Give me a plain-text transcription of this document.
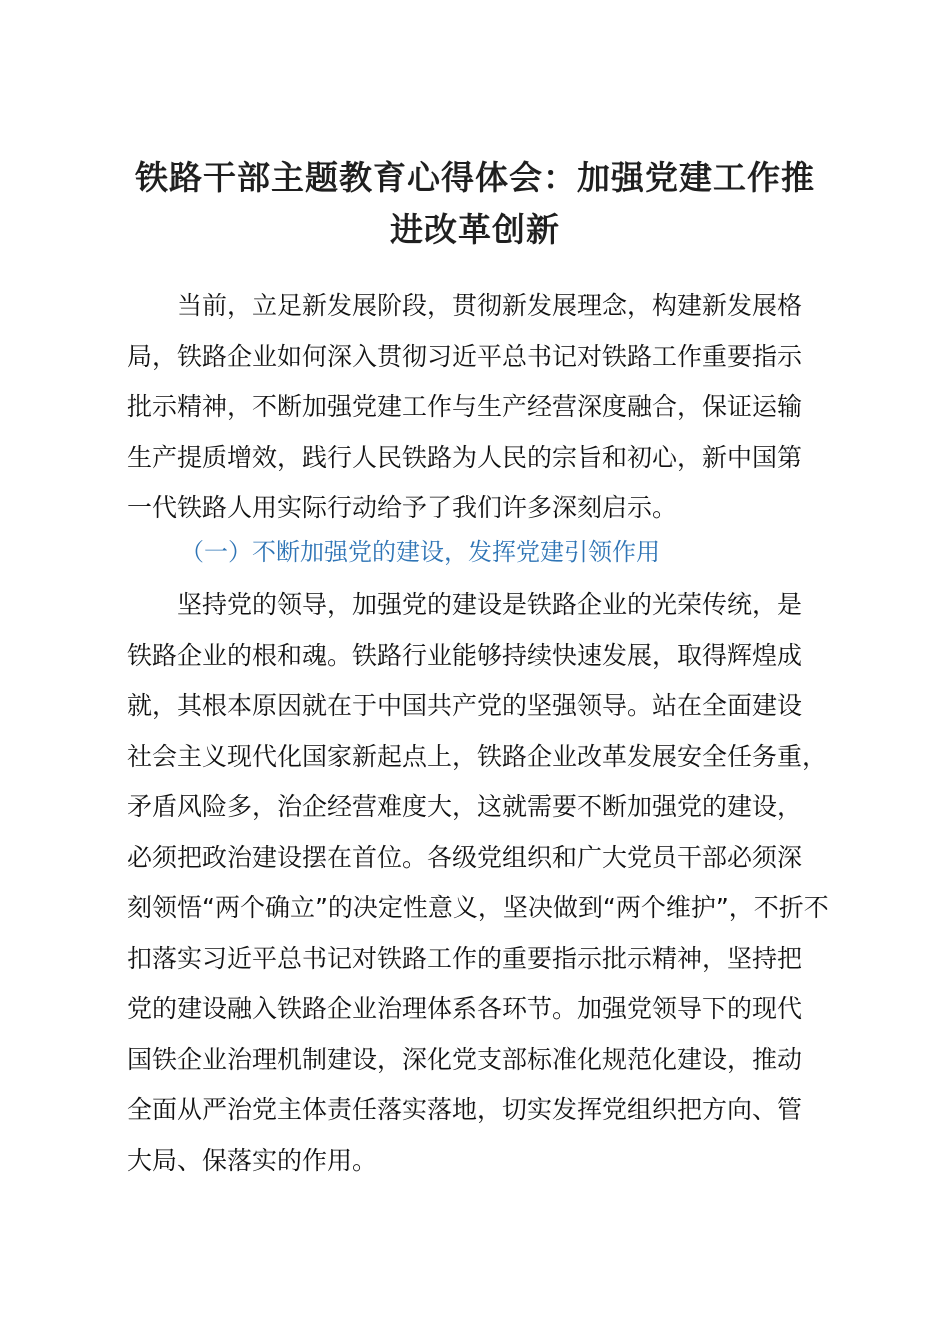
铁路干部主题教育心得体会：加强党建工作推
进改革创新
　　当前，立足新发展阶段，贯彻新发展理念，构建新发展格
局，铁路企业如何深入贯彻习近平总书记对铁路工作重要指示
批示精神，不断加强党建工作与生产经营深度融合，保证运输
生产提质增效，践行人民铁路为人民的宗旨和初心，新中国第
一代铁路人用实际行动给予了我们许多深刻启示。
（一）不断加强党的建设，发挥党建引领作用
　　坚持党的领导，加强党的建设是铁路企业的光荣传统，是
铁路企业的根和魂。铁路行业能够持续快速发展，取得辉煌成
就，其根本原因就在于中国共产党的坚强领导。站在全面建设
社会主义现代化国家新起点上，铁路企业改革发展安全任务重，
矛盾风险多，治企经营难度大，这就需要不断加强党的建设，
必须把政治建设摆在首位。各级党组织和广大党员干部必须深
刻领悟“两个确立”的决定性意义，坚决做到“两个维护”，不折不
扣落实习近平总书记对铁路工作的重要指示批示精神，坚持把
党的建设融入铁路企业治理体系各环节。加强党领导下的现代
国铁企业治理机制建设，深化党支部标准化规范化建设，推动
全面从严治党主体责任落实落地，切实发挥党组织把方向、管
大局、保落实的作用。
